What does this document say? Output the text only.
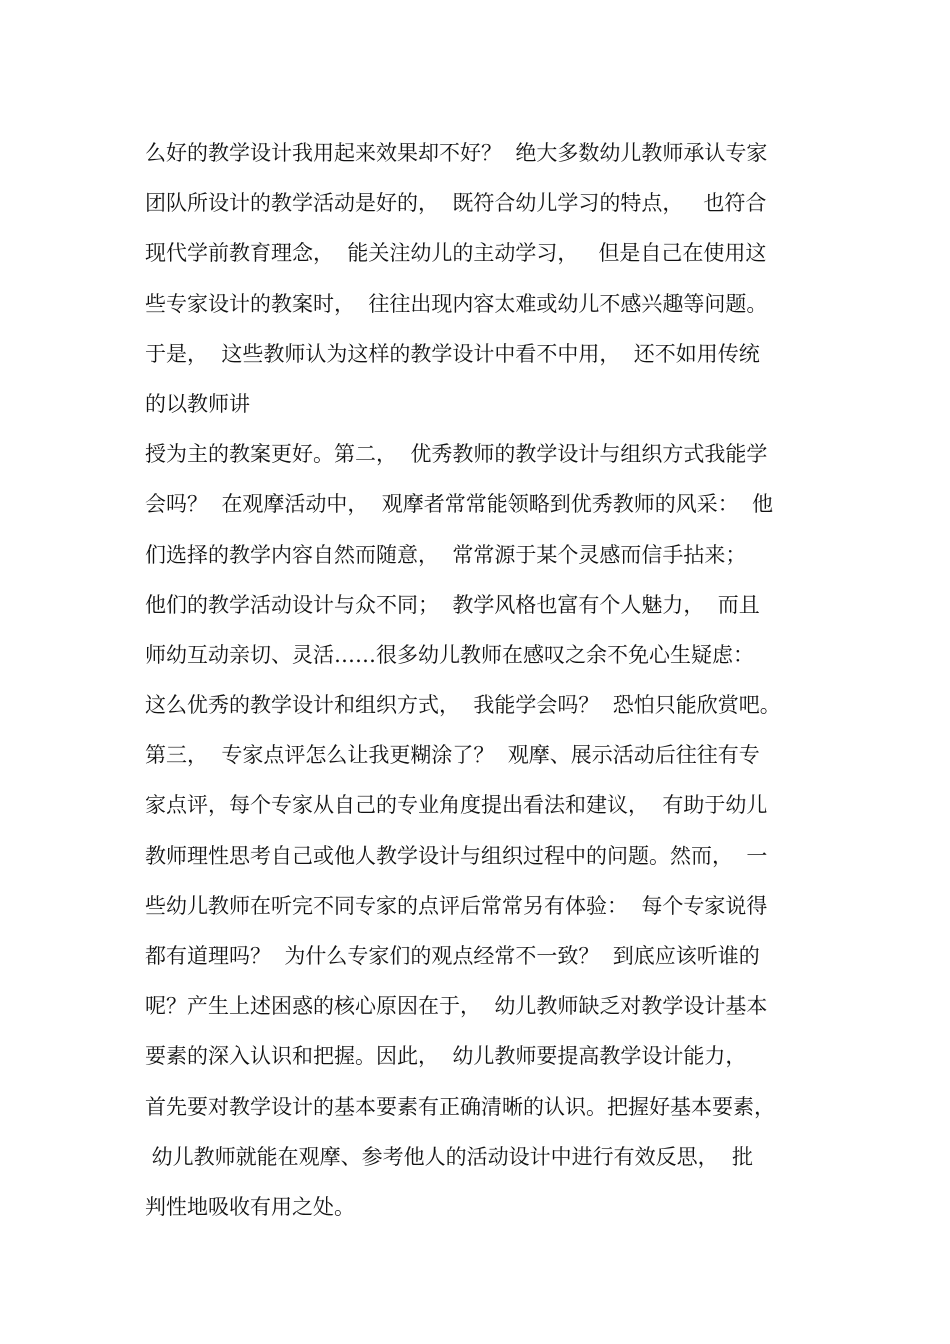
么好的教学设计我用起来效果却不好？  绝大多数幼儿教师承认专家
团队所设计的教学活动是好的，  既符合幼儿学习的特点，   也符合
现代学前教育理念，  能关注幼儿的主动学习，   但是自己在使用这
些专家设计的教案时，  往往出现内容太难或幼儿不感兴趣等问题。
于是，  这些教师认为这样的教学设计中看不中用，  还不如用传统
的以教师讲
授为主的教案更好。第二，  优秀教师的教学设计与组织方式我能学
会吗？  在观摩活动中，  观摩者常常能领略到优秀教师的风采：  他
们选择的教学内容自然而随意，  常常源于某个灵感而信手拈来；
他们的教学活动设计与众不同；  教学风格也富有个人魅力，  而且
师幼互动亲切、灵活……很多幼儿教师在感叹之余不免心生疑虑：
这么优秀的教学设计和组织方式，  我能学会吗？  恐怕只能欣赏吧。
第三，  专家点评怎么让我更糊涂了？  观摩、展示活动后往往有专
家点评，每个专家从自己的专业角度提出看法和建议，  有助于幼儿
教师理性思考自己或他人教学设计与组织过程中的问题。然而，  一
些幼儿教师在听完不同专家的点评后常常另有体验：  每个专家说得
都有道理吗？  为什么专家们的观点经常不一致？  到底应该听谁的
呢？产生上述困惑的核心原因在于，  幼儿教师缺乏对教学设计基本
要素的深入认识和把握。因此，  幼儿教师要提高教学设计能力，
首先要对教学设计的基本要素有正确清晰的认识。把握好基本要素，
幼儿教师就能在观摩、参考他人的活动设计中进行有效反思，  批
判性地吸收有用之处。
